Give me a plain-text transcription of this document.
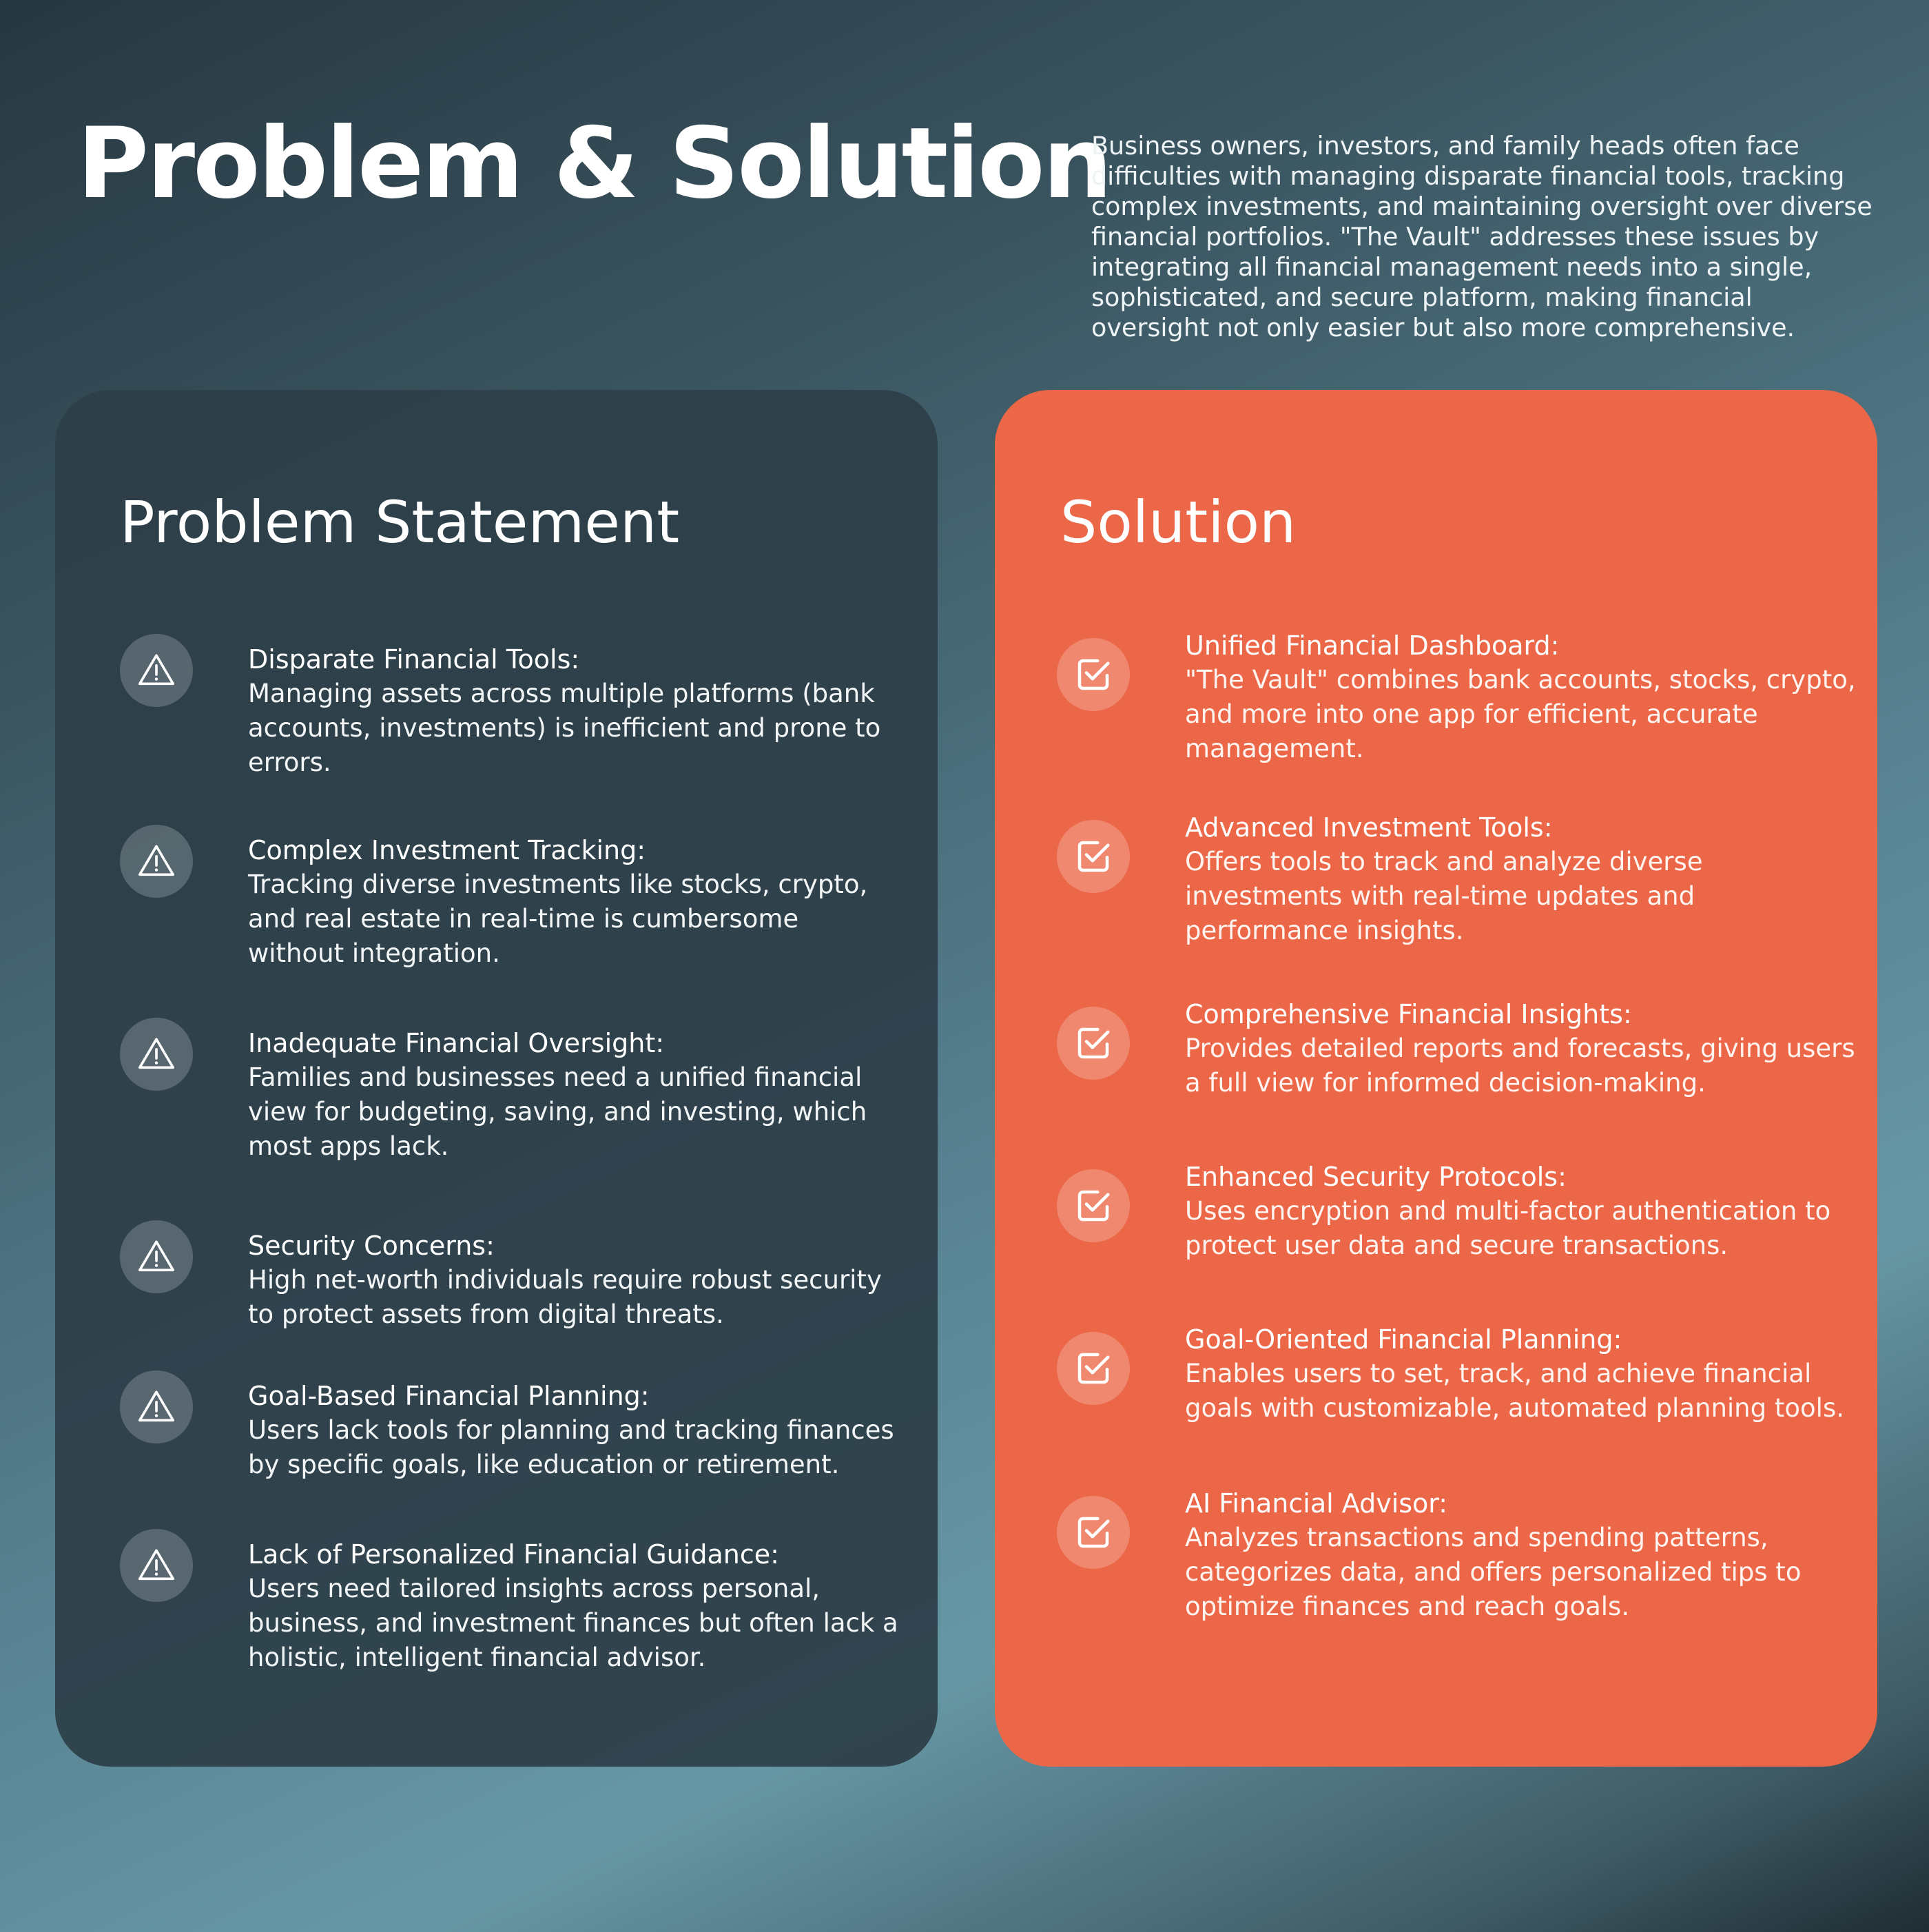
Problem & Solution

Business owners, investors, and family heads often face difficulties with managing disparate financial tools, tracking complex investments, and maintaining oversight over diverse financial portfolios. "The Vault" addresses these issues by integrating all financial management needs into a single, sophisticated, and secure platform, making financial oversight not only easier but also more comprehensive.

Problem Statement
Disparate Financial Tools:
Managing assets across multiple platforms (bank accounts, investments) is inefficient and prone to errors.
Complex Investment Tracking:
Tracking diverse investments like stocks, crypto, and real estate in real-time is cumbersome without integration.
Inadequate Financial Oversight:
Families and businesses need a unified financial view for budgeting, saving, and investing, which most apps lack.
Security Concerns:
High net-worth individuals require robust security to protect assets from digital threats.
Goal-Based Financial Planning:
Users lack tools for planning and tracking finances by specific goals, like education or retirement.
Lack of Personalized Financial Guidance:
Users need tailored insights across personal, business, and investment finances but often lack a holistic, intelligent financial advisor.
Solution
Unified Financial Dashboard:
"The Vault" combines bank accounts, stocks, crypto, and more into one app for efficient, accurate management.
Advanced Investment Tools:
Offers tools to track and analyze diverse investments with real-time updates and performance insights.
Comprehensive Financial Insights:
Provides detailed reports and forecasts, giving users a full view for informed decision-making.
Enhanced Security Protocols:
Uses encryption and multi-factor authentication to protect user data and secure transactions.
Goal-Oriented Financial Planning:
Enables users to set, track, and achieve financial goals with customizable, automated planning tools.
AI Financial Advisor:
Analyzes transactions and spending patterns, categorizes data, and offers personalized tips to optimize finances and reach goals.
